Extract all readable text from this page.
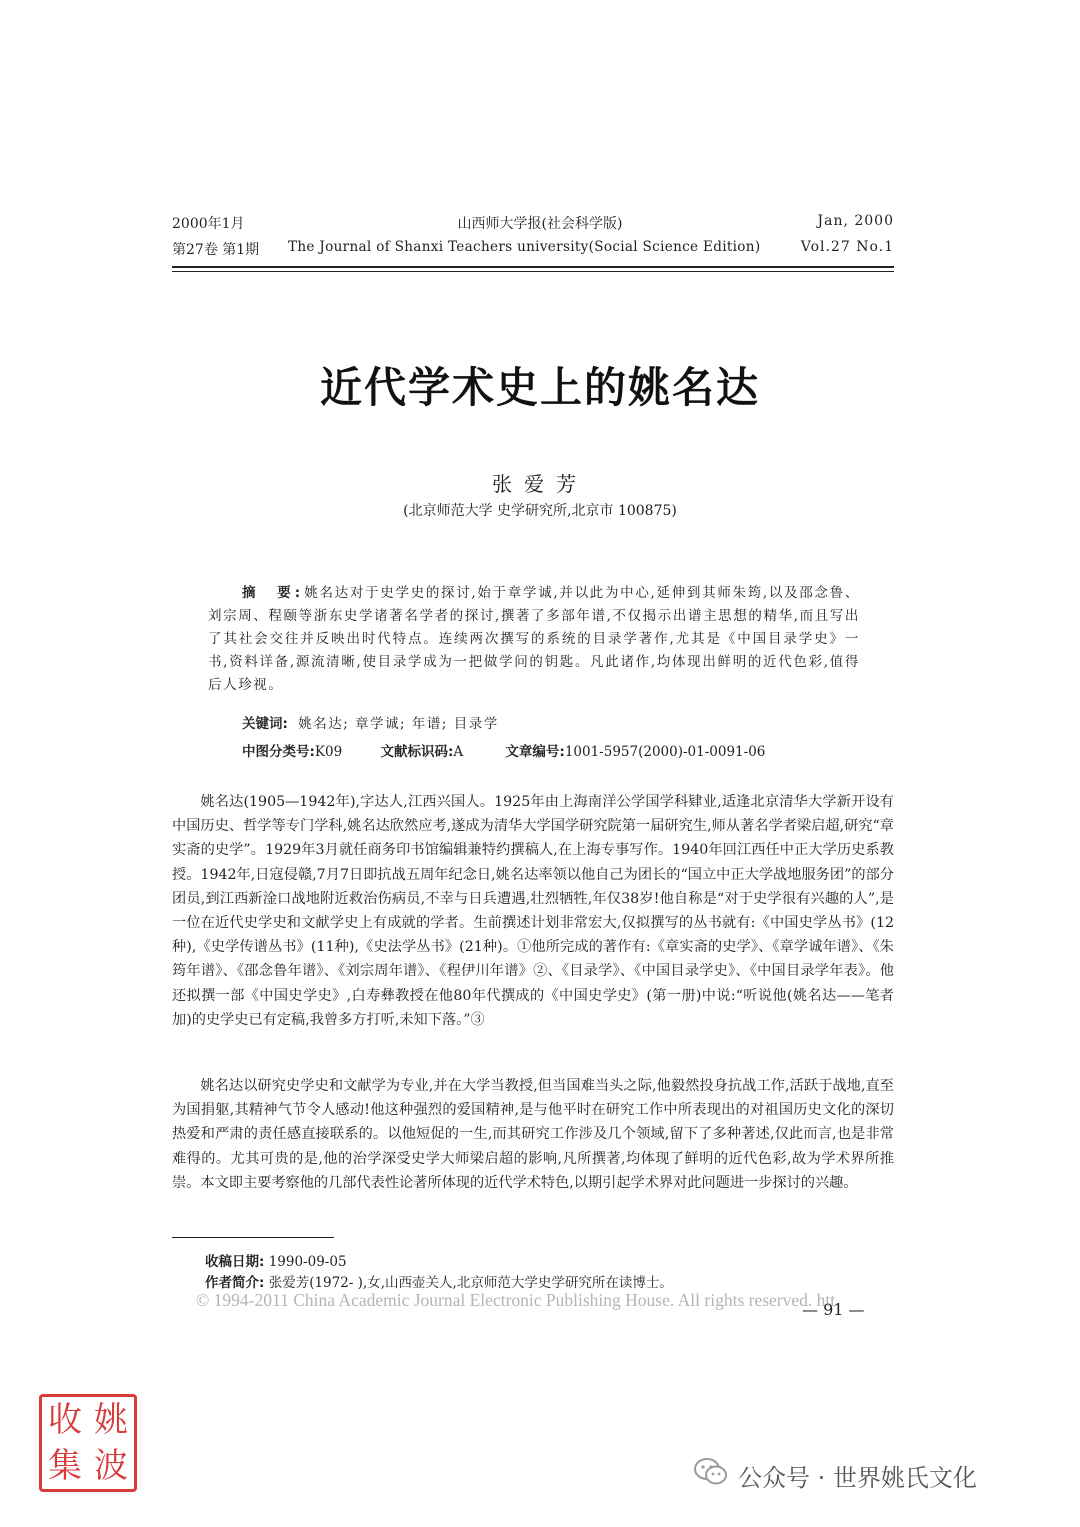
2000年1月	山西师大学报(社会科学版)	Jan, 2000
第27卷 第1期 The Journal of Shanxi Teachers university(Social Science Edition)	Vol.27 No.1
近代学术史上的姚名达
张爱芳
(北京师范大学 史学研究所,北京市 100875)
摘　要:姚名达对于史学史的探讨,始于章学诚,并以此为中心,延伸到其师朱筠,以及邵念鲁、刘宗周、程颐等浙东史学诸著名学者的探讨,撰著了多部年谱,不仅揭示出谱主思想的精华,而且写出了其社会交往并反映出时代特点。连续两次撰写的系统的目录学著作,尤其是《中国目录学史》一书,资料详备,源流清晰,使目录学成为一把做学问的钥匙。凡此诸作,均体现出鲜明的近代色彩,值得后人珍视。
关键词: 姚名达; 章学诚; 年谱; 目录学
中图分类号:K09	文献标识码:A	文章编号:1001-5957(2000)-01-0091-06
姚名达(1905—1942年),字达人,江西兴国人。1925年由上海南洋公学国学科肄业,适逢北京清华大学新开设有中国历史、哲学等专门学科,姚名达欣然应考,遂成为清华大学国学研究院第一届研究生,师从著名学者梁启超,研究“章实斋的史学”。1929年3月就任商务印书馆编辑兼特约撰稿人,在上海专事写作。1940年回江西任中正大学历史系教授。1942年,日寇侵赣,7月7日即抗战五周年纪念日,姚名达率领以他自己为团长的“国立中正大学战地服务团”的部分团员,到江西新淦口战地附近救治伤病员,不幸与日兵遭遇,壮烈牺牲,年仅38岁!他自称是“对于史学很有兴趣的人”,是一位在近代史学史和文献学史上有成就的学者。生前撰述计划非常宏大,仅拟撰写的丛书就有:《中国史学丛书》(12种),《史学传谱丛书》(11种),《史法学丛书》(21种)。①他所完成的著作有:《章实斋的史学》、《章学诚年谱》、《朱筠年谱》、《邵念鲁年谱》、《刘宗周年谱》、《程伊川年谱》②、《目录学》、《中国目录学史》、《中国目录学年表》。他还拟撰一部《中国史学史》,白寿彝教授在他80年代撰成的《中国史学史》(第一册)中说:“听说他(姚名达——笔者加)的史学史已有定稿,我曾多方打听,未知下落。”③
姚名达以研究史学史和文献学为专业,并在大学当教授,但当国难当头之际,他毅然投身抗战工作,活跃于战地,直至为国捐躯,其精神气节令人感动!他这种强烈的爱国精神,是与他平时在研究工作中所表现出的对祖国历史文化的深切热爱和严肃的责任感直接联系的。以他短促的一生,而其研究工作涉及几个领域,留下了多种著述,仅此而言,也是非常难得的。尤其可贵的是,他的治学深受史学大师梁启超的影响,凡所撰著,均体现了鲜明的近代色彩,故为学术界所推崇。本文即主要考察他的几部代表性论著所体现的近代学术特色,以期引起学术界对此问题进一步探讨的兴趣。
收稿日期: 1990-09-05
作者简介: 张爱芳(1972- ),女,山西壶关人,北京师范大学史学研究所在读博士。
© 1994-2011 China Academic Journal Electronic Publishing House. All rights reserved. htt
— 91 —
收 姚
集 波	公众号 · 世界姚氏文化
